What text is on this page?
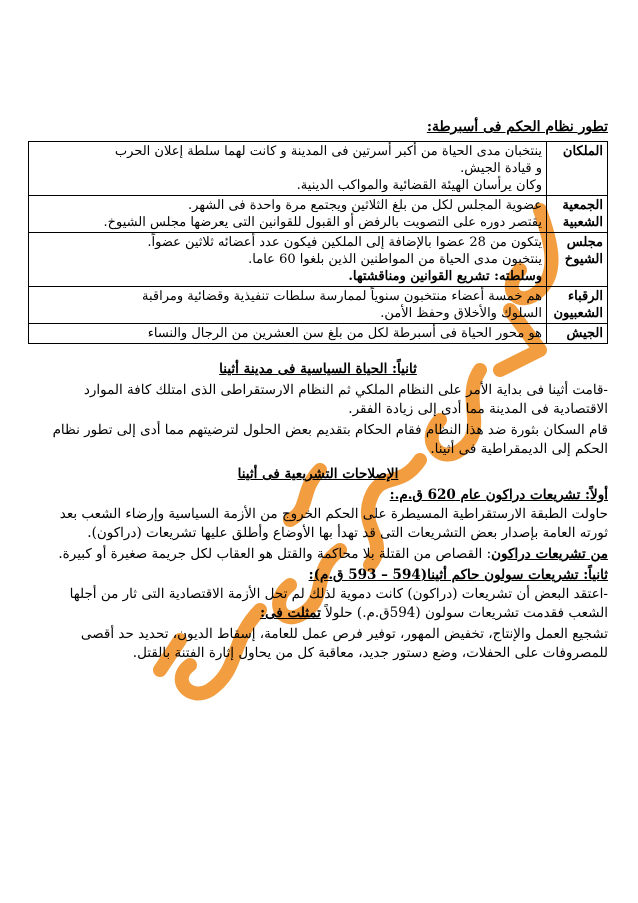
تطور نظام الحكم فى أسبرطة:
الملكان	ينتخبان مدى الحياة من أكبر أسرتين فى المدينة و كانت لهما سلطة إعلان الحرب
و قيادة الجيش.
وكان يرأسان الهيئة القضائية والمواكب الدينية.

الجمعية الشعبية	عضوية المجلس لكل من بلغ الثلاثين ويجتمع مرة واحدة فى الشهر.
يقتصر دوره على التصويت بالرفض أو القبول للقوانين التى يعرضها مجلس الشيوخ.

مجلس الشيوخ	يتكون من 28 عضوا بالإضافة إلى الملكين فيكون عدد أعضائه ثلاثين عضواً.
ينتخبون مدى الحياة من المواطنين الذين بلغوا 60 عاما.
وسلطته: تشريع القوانين ومناقشتها.

الرقباء الشعبيون	هم خمسة أعضاء منتخبون سنوياً لممارسة سلطات تنفيذية وقضائية ومراقبة
السلوك والأخلاق وحفظ الأمن.

الجيش	هو محور الحياة فى أسبرطة لكل من بلغ سن العشرين من الرجال والنساء
ثانياً: الحياة السياسية فى مدينة أثينا

-قامت أثينا فى بداية الأمر على النظام الملكي ثم النظام الارستقراطى الذى امتلك كافة الموارد الاقتصادية فى المدينة مما أدى إلى زيادة الفقر.

قام السكان بثورة ضد هذا النظام فقام الحكام بتقديم بعض الحلول لترضيتهم مما أدى إلى تطور نظام الحكم إلى الديمقراطية فى أثينا.

الإصلاحات التشريعية فى أثينا
أولاً: تشريعات دراكون عام 620 ق.م.:

حاولت الطبقة الارستقراطية المسيطرة على الحكم الخروج من الأزمة السياسية وإرضاء الشعب بعد ثورته العامة بإصدار بعض التشريعات التى قد تهدأ بها الأوضاع وأطلق عليها تشريعات (دراكون).

من تشريعات دراكون: القصاص من القتلة بلا محاكمة والقتل هو العقاب لكل جريمة صغيرة أو كبيرة.

ثانياً: تشريعات سولون حاكم أثينا(594 – 593 ق.م):

-اعتقد البعض أن تشريعات (دراكون) كانت دموية لذلك لم تحل الأزمة الاقتصادية التى ثار من أجلها الشعب فقدمت تشريعات سولون (594ق.م.) حلولاً تمثلت فى:

تشجيع العمل والإنتاج، تخفيض المهور، توفير فرص عمل للعامة، إسقاط الديون، تحديد حد أقصى للمصروفات على الحفلات، وضع دستور جديد، معاقبة كل من يحاول إثارة الفتنة بالقتل.
